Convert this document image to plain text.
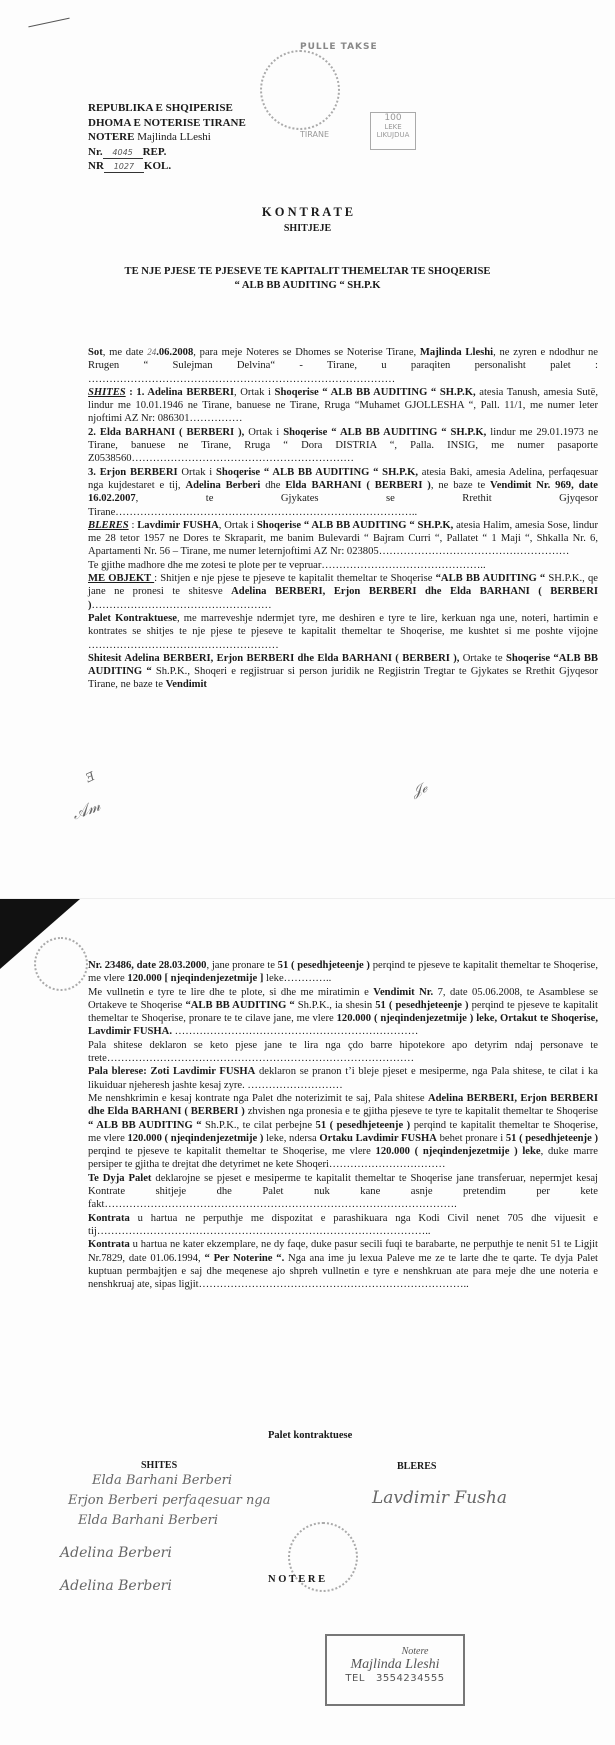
PULLE TAKSE
100
LEKE
LIKUJDUA
TIRANE
REPUBLIKA E SHQIPERISE
DHOMA E NOTERISE TIRANE
NOTERE Majlinda LLeshi
Nr. 4045 REP.
NR 1027 KOL.
K O N T R A T E
SHITJEJE
TE NJE PJESE TE PJESEVE TE KAPITALIT THEMELTAR TE SHOQERISE
“ ALB BB AUDITING “ SH.P.K

Sot, me date 24.06.2008, para meje Noteres se Dhomes se Noterise Tirane, Majlinda Lleshi, ne zyren e ndodhur ne Rrugen “ Sulejman Delvina“ - Tirane, u paraqiten personalisht palet : ……………………………………………………………………………

SHITES : 1. Adelina BERBERI, Ortak i Shoqerise “ ALB BB AUDITING “ SH.P.K, atesia Tanush, amesia Sutë, lindur me 10.01.1946 ne Tirane, banuese ne Tirane, Rruga “Muhamet GJOLLESHA “, Pall. 11/1, me numer leter njoftimi AZ Nr: 086301……………

2. Elda BARHANI ( BERBERI ), Ortak i Shoqerise “ ALB BB AUDITING “ SH.P.K, lindur me 29.01.1973 ne Tirane, banuese ne Tirane, Rruga “ Dora DISTRIA “, Palla. INSIG, me numer pasaporte Z0538560………………………………………………………

3. Erjon BERBERI Ortak i Shoqerise “ ALB BB AUDITING “ SH.P.K, atesia Baki, amesia Adelina, perfaqesuar nga kujdestaret e tij, Adelina Berberi dhe Elda BARHANI ( BERBERI ), ne baze te Vendimit Nr. 969, date 16.02.2007, te Gjykates se Rrethit Gjyqesor Tirane…………………………………………………………………………..

BLERES : Lavdimir FUSHA, Ortak i Shoqerise “ ALB BB AUDITING “ SH.P.K, atesia Halim, amesia Sose, lindur me 28 tetor 1957 ne Dores te Skraparit, me banim Bulevardi “ Bajram Curri “, Pallatet “ 1 Maji “, Shkalla Nr. 6, Apartamenti Nr. 56 – Tirane, me numer leternjoftimi AZ Nr: 023805………………………………………………

Te gjithe madhore dhe me zotesi te plote per te vepruar………………………………………..

ME OBJEKT : Shitjen e nje pjese te pjeseve te kapitalit themeltar te Shoqerise “ALB BB AUDITING “ SH.P.K., qe jane ne pronesi te shitesve Adelina BERBERI, Erjon BERBERI dhe Elda BARHANI ( BERBERI )……………………………………………

Palet Kontraktuese, me marreveshje ndermjet tyre, me deshiren e tyre te lire, kerkuan nga une, noteri, hartimin e kontrates se shitjes te nje pjese te pjeseve te kapitalit themeltar te Shoqerise, me kushtet si me poshte vijojne ………………………………………………

Shitesit Adelina BERBERI, Erjon BERBERI dhe Elda BARHANI ( BERBERI ), Ortake te Shoqerise “ALB BB AUDITING “ Sh.P.K., Shoqeri e regjistruar si person juridik ne Regjistrin Tregtar te Gjykates se Rrethit Gjyqesor Tirane, ne baze te Vendimit

Ǝ
𝒜𝓂
𝒥ℯ

Nr. 23486, date 28.03.2000, jane pronare te 51 ( pesedhjeteenje ) perqind te pjeseve te kapitalit themeltar te Shoqerise, me vlere 120.000 [ njeqindenjezetmije ] leke…………..

Me vullnetin e tyre te lire dhe te plote, si dhe me miratimin e Vendimit Nr. 7, date 05.06.2008, te Asamblese se Ortakeve te Shoqerise “ALB BB AUDITING “ Sh.P.K., ia shesin 51 ( pesedhjeteenje ) perqind te pjeseve te kapitalit themeltar te Shoqerise, pronare te te cilave jane, me vlere 120.000 ( njeqindenjezetmije ) leke, Ortakut te Shoqerise, Lavdimir FUSHA. ……………………………………………………………

Pala shitese deklaron se keto pjese jane te lira nga çdo barre hipotekore apo detyrim ndaj personave te trete……………………………………………………………………………

Pala blerese: Zoti Lavdimir FUSHA deklaron se pranon t’i bleje pjeset e mesiperme, nga Pala shitese, te cilat i ka likuiduar njeheresh jashte kesaj zyre. ………………………

Me nenshkrimin e kesaj kontrate nga Palet dhe noterizimit te saj, Pala shitese Adelina BERBERI, Erjon BERBERI dhe Elda BARHANI ( BERBERI ) zhvishen nga pronesia e te gjitha pjeseve te tyre te kapitalit themeltar te Shoqerise “ ALB BB AUDITING “ Sh.P.K., te cilat perbejne 51 ( pesedhjeteenje ) perqind te kapitalit themeltar te Shoqerise, me vlere 120.000 ( njeqindenjezetmije ) leke, ndersa Ortaku Lavdimir FUSHA behet pronare i 51 ( pesedhjeteenje ) perqind te pjeseve te kapitalit themeltar te Shoqerise, me vlere 120.000 ( njeqindenjezetmije ) leke, duke marre persiper te gjitha te drejtat dhe detyrimet ne kete Shoqeri……………………………

Te Dyja Palet deklarojne se pjeset e mesiperme te kapitalit themeltar te Shoqerise jane transferuar, nepermjet kesaj Kontrate shitjeje dhe Palet nuk kane asnje pretendim per kete fakt……………………………………………………………………………………….

Kontrata u hartua ne perputhje me dispozitat e parashikuara nga Kodi Civil nenet 705 dhe vijuesit e tij…………………………………………………………………………………..

Kontrata u hartua ne kater ekzemplare, ne dy faqe, duke pasur secili fuqi te barabarte, ne perputhje te nenit 51 te Ligjit Nr.7829, date 01.06.1994, “ Per Noterine “. Nga ana ime ju lexua Paleve me ze te larte dhe te qarte. Te dyja Palet kuptuan permbajtjen e saj dhe meqenese ajo shpreh vullnetin e tyre e nenshkruan ate para meje dhe une noteria e nenshkruaj ate, sipas ligjit…………………………………………………………………..

Palet kontraktuese
SHITES	BLERES
Elda Barhani Berberi
Erjon Berberi perfaqesuar nga
Elda Barhani Berberi
Adelina Berberi
Adelina Berberi
Lavdimir Fusha
N O T E R E
Notere
Majlinda Lleshi
TEL 3554234555
